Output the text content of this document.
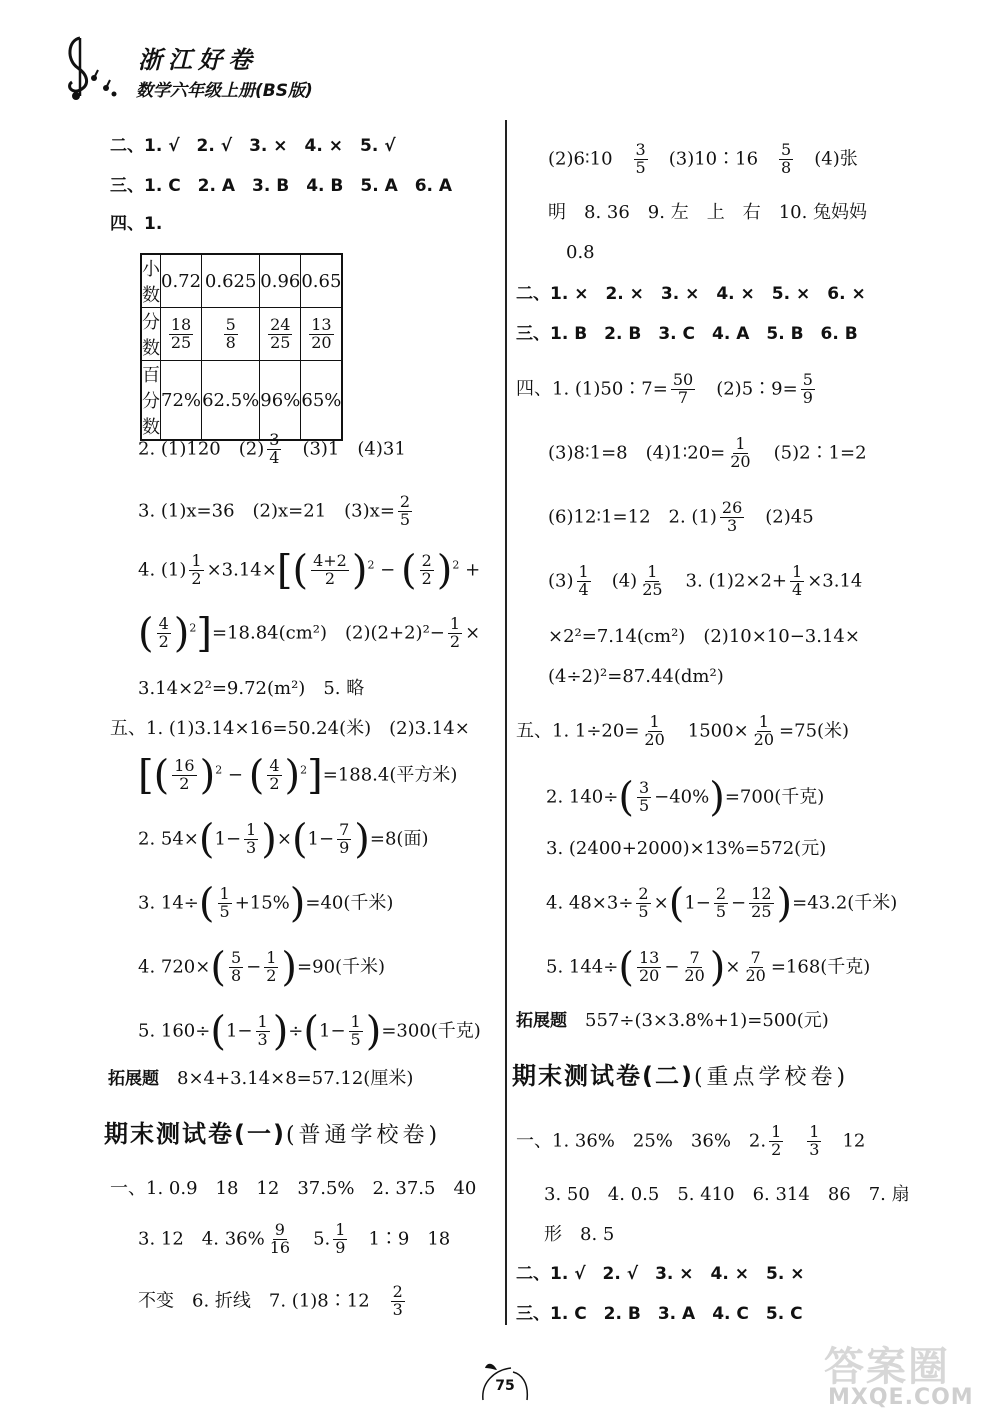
浙江好卷
数学六年级上册(BS版)
二、1. √　2. √　3. ×　4. ×　5. √
三、1. C　2. A　3. B　4. B　5. A　6. A
四、1.
小数	0.72	0.625	0.96	0.65
分数	$\frac{18}{25}$	$\frac{5}{8}$	$\frac{24}{25}$	$\frac{13}{20}$

百分数	72%	62.5%	96%	65%
2. (1)120　$(2) \frac{3}{4}$
　 (3)1　(4)31
3. (1)x=36　(2)x=21　$(3)x= \frac{2}{5}$
4. $(1) \frac{1}{2} \times 3.14\times[( \frac{4+2}{2} )^2$ − ( $\frac{2}{2} )^2$ +
( $\frac{4}{2} )^2]=18.84(cm^2)$　$(2)(2+2)^2- \frac{1}{2}$ ×
3.14×2²=9.72(m²)　5. 略
五、1. (1)3.14×16=50.24(米)　(2)3.14×
[( $\frac{16}{2} )^2$ − ( $\frac{4}{2} )^2]=188.4$(平方米)
2. $54\times(1- \frac{1}{3} )\times(1- \frac{7}{9} )=8$(面)
3. $14\div( \frac{1}{5} +15\%)=40$(千米)
4. $720\times( \frac{5}{8} - \frac{1}{2} )=90$(千米)
5. $160\div(1- \frac{1}{3} )\div(1- \frac{1}{5} )=300$(千克)
拓展题　 8×4+3.14×8=57.12(厘米)
期末测试卷(一)(普通学校卷)
一、1. 0.9　18　12　37.5%　2. 37.5　40
3. 12　4. $36\% \frac{9}{16}$
　 5. $\frac{1}{9}$
　 1∶9　18
不变　6. 折线　7. (1)8∶12　 $\frac{2}{3}$
(2)6∶10　 $\frac{3}{5}$
　 (3)10∶16　 $\frac{5}{8}$
　 (4)张
明　8. 36　9. 左　上　右　10. 兔妈妈
0.8
二、1. ×　2. ×　3. ×　4. ×　5. ×　6. ×
三、1. B　2. B　3. C　4. A　5. B　6. B
四、1. (1)50∶7= $\frac{50}{7}$
　 (2)5∶9= $\frac{5}{9}$
(3)8∶1=8　(4)1∶20= $\frac{1}{20}$
　 (5)2∶1=2
(6)12∶1=12　2. $(1) \frac{26}{3}$
　 (2)45
$(3) \frac{1}{4}$
　 $(4) \frac{1}{25}$
　 3. $(1)2\times 2+ \frac{1}{4} \times 3.14$
×2²=7.14(cm²)　(2)10×10−3.14×
(4÷2)²=87.44(dm²)
五、1. $1\div 20= \frac{1}{20}$
　 $1500\times \frac{1}{20} =75$(米)
2. $140\div( \frac{3}{5} -40\%)=700$(千克)
3. (2400+2000)×13%=572(元)
4. $48\times 3\div \frac{2}{5} \times(1- \frac{2}{5} - \frac{12}{25} )=43.2$(千米)
5. $144\div( \frac{13}{20} - \frac{7}{20}$ )× $\frac{7}{20} =168$(千克)
拓展题　 557÷(3×3.8%+1)=500(元)
期末测试卷(二)(重点学校卷)
一、1. 36%　25%　36%　2. $\frac{1}{2}$
　 $\frac{1}{3}$
　 12
3. 50　4. 0.5　5. 410　6. 314　86　7. 扇
形　8. 5
二、1. √　2. √　3. ×　4. ×　5. ×
三、1. C　2. B　3. A　4. C　5. C
75	答案圈
MXQE.COM
